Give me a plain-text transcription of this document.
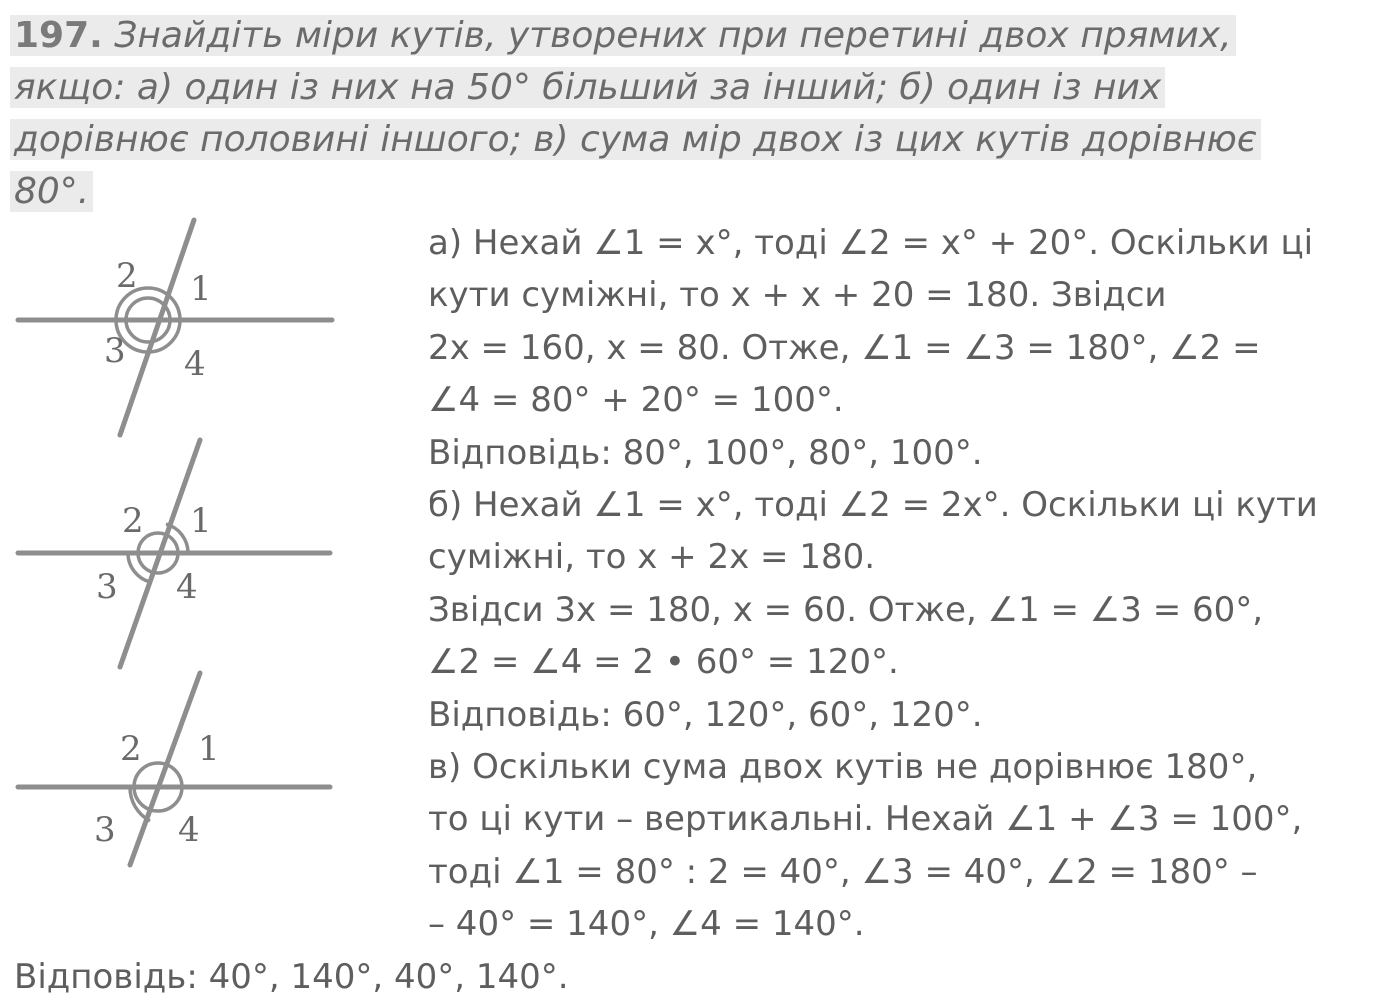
197. Знайдіть міри кутів, утворених при перетині двох прямих, якщо: а) один із них на 50° більший за інший; б) один із них дорівнює половині іншого; в) сума мір двох із цих кутів дорівнює 80°.
1
2
3 4
1
2
3 4
1
2
3 4
а) Нехай ∠1 = x°, тоді ∠2 = x° + 20°. Оскільки ці
кути суміжні, то x + x + 20 = 180. Звідси
2x = 160, x = 80. Отже, ∠1 = ∠3 = 180°, ∠2 =
∠4 = 80° + 20° = 100°.
Відповідь: 80°, 100°, 80°, 100°.
б) Нехай ∠1 = x°, тоді ∠2 = 2x°. Оскільки ці кути
суміжні, то x + 2x = 180.
Звідси 3x = 180, x = 60. Отже, ∠1 = ∠3 = 60°,
∠2 = ∠4 = 2 • 60° = 120°.
Відповідь: 60°, 120°, 60°, 120°.
в) Оскільки сума двох кутів не дорівнює 180°,
то ці кути – вертикальні. Нехай ∠1 + ∠3 = 100°,
тоді ∠1 = 80° : 2 = 40°, ∠3 = 40°, ∠2 = 180° –
– 40° = 140°, ∠4 = 140°.
Відповідь: 40°, 140°, 40°, 140°.
